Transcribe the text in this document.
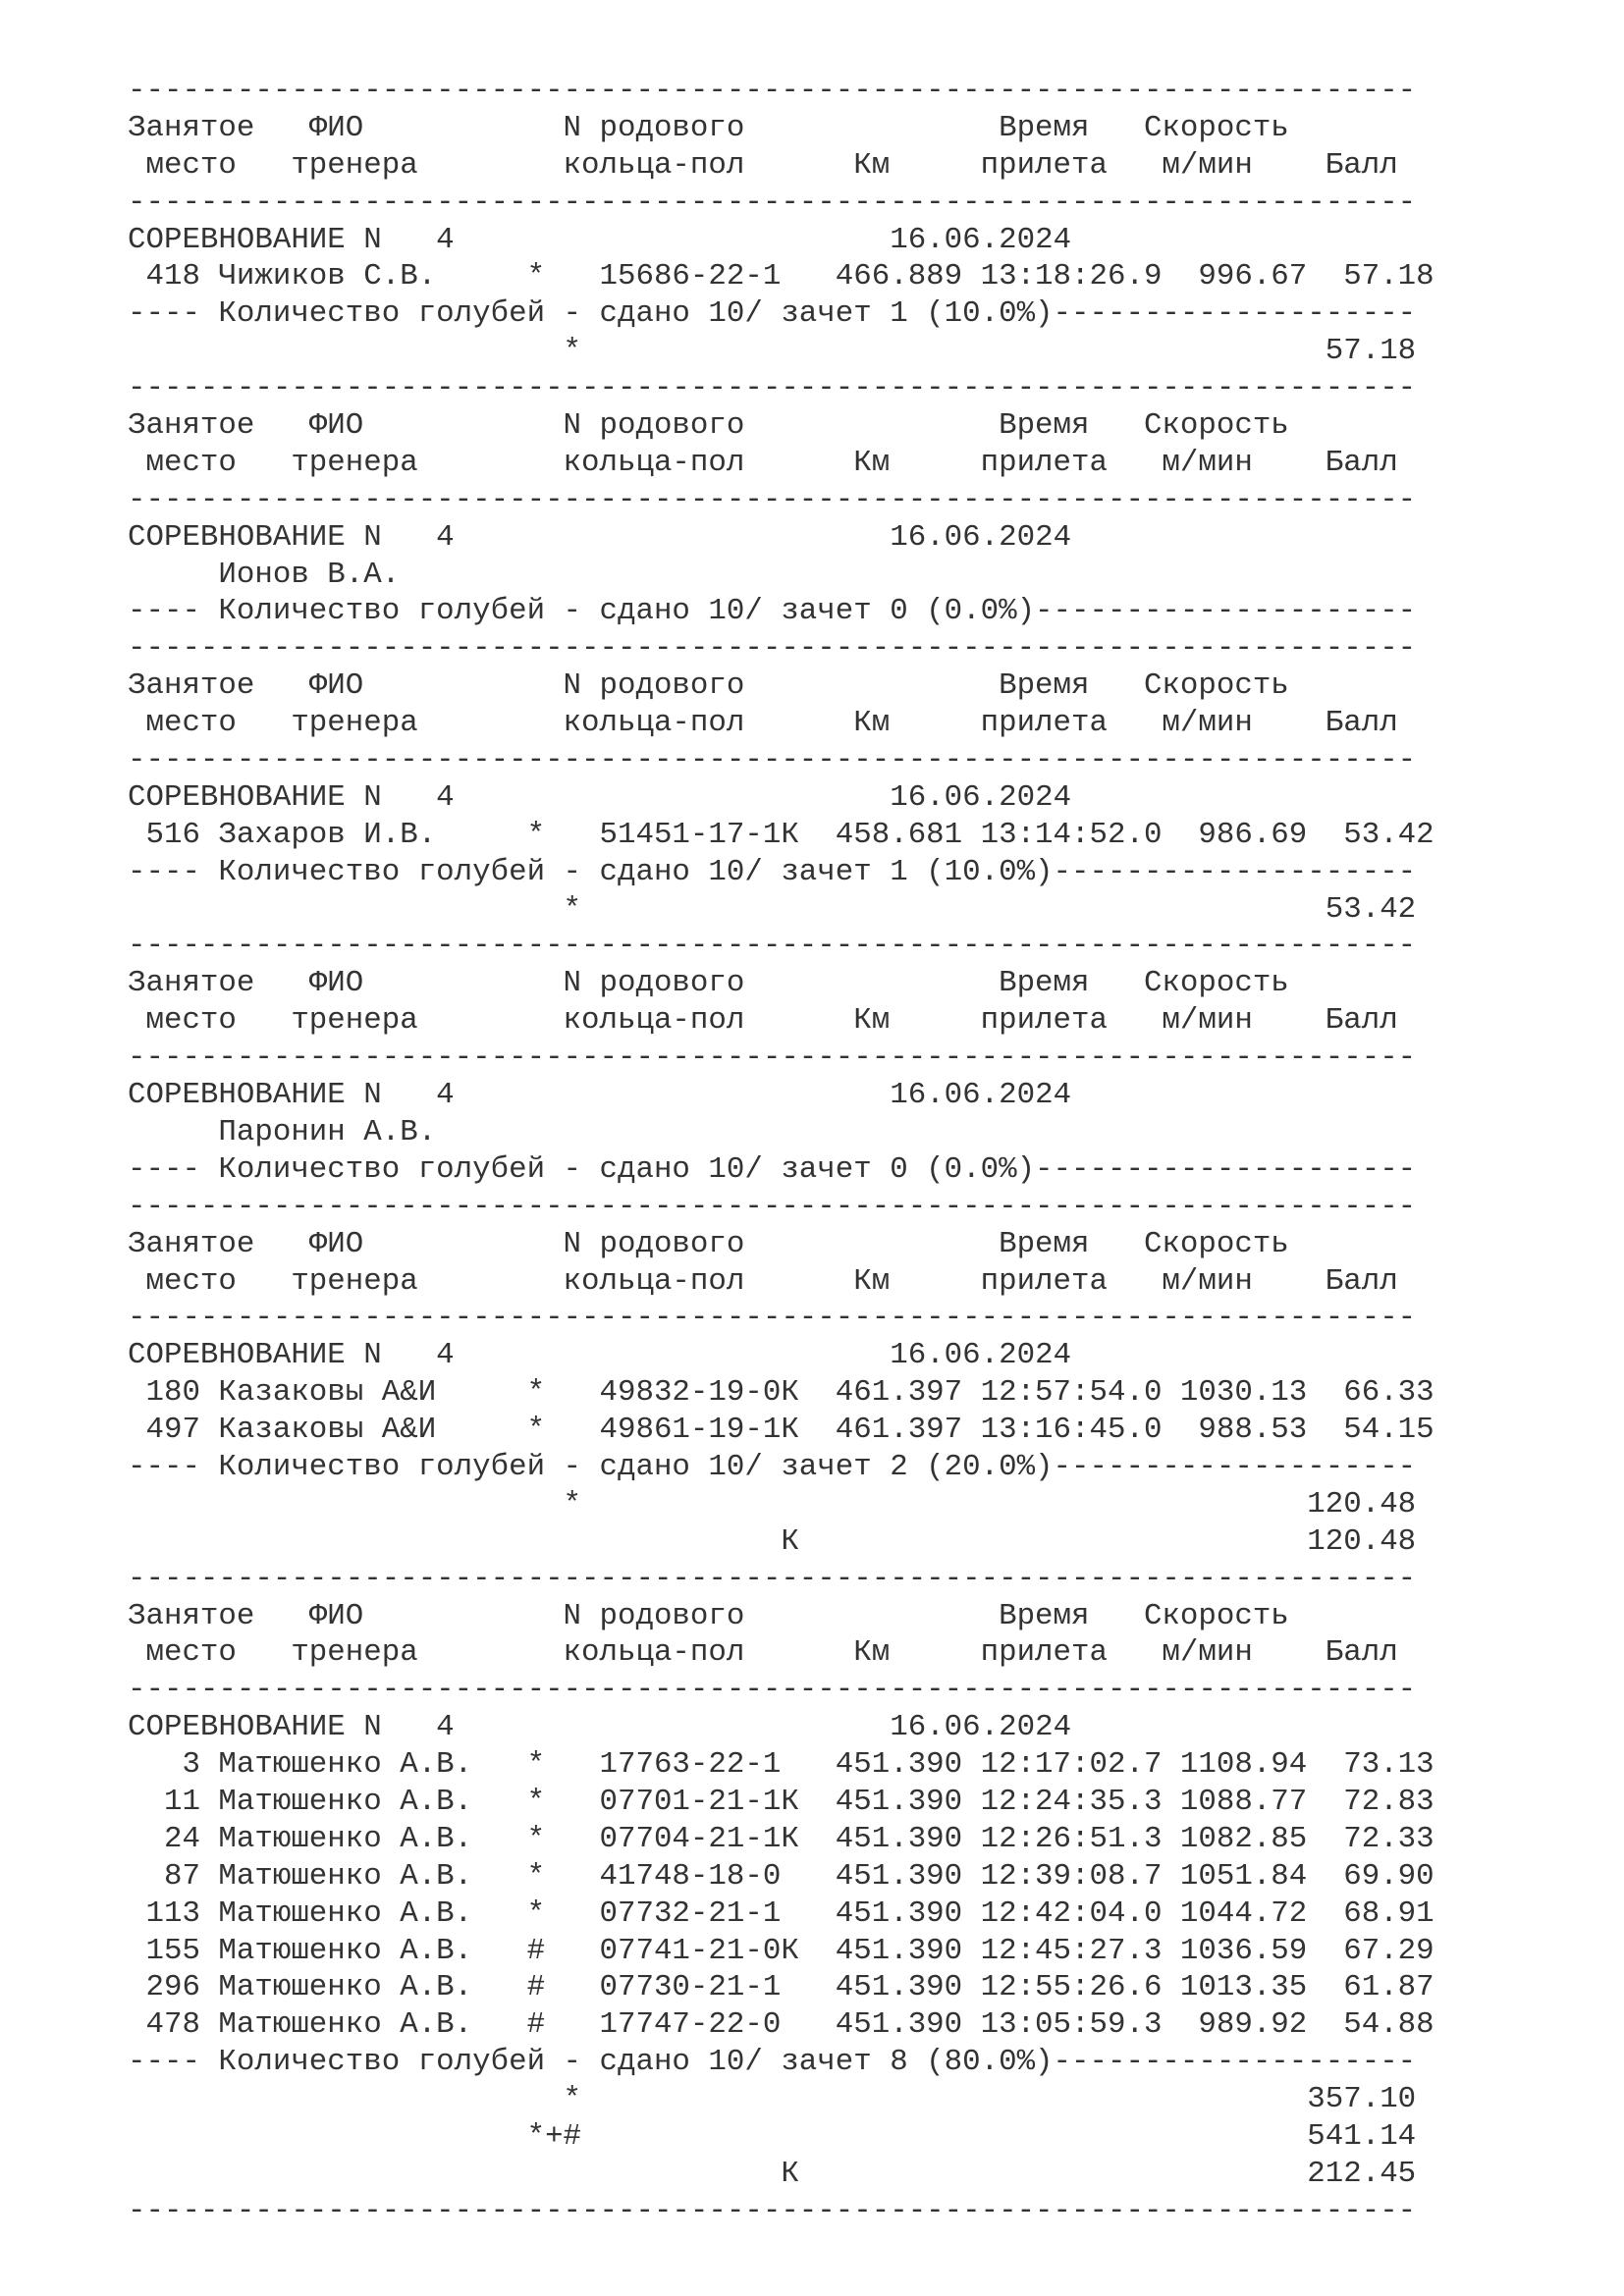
-----------------------------------------------------------------------
Занятое   ФИО           N родового              Время   Скорость
место   тренера        кольца-пол      Км     прилета   м/мин    Балл
-----------------------------------------------------------------------
СОРЕВНОВАНИЕ N   4	16.06.2024
418 Чижиков С.В.     *   15686-22-1   466.889 13:18:26.9  996.67  57.18
---- Количество голубей - сдано 10/ зачет 1 (10.0%)--------------------
*                                         57.18
-----------------------------------------------------------------------
Занятое   ФИО           N родового              Время   Скорость
место   тренера        кольца-пол      Км     прилета   м/мин    Балл
-----------------------------------------------------------------------
СОРЕВНОВАНИЕ N   4	16.06.2024
Ионов В.А.
---- Количество голубей - сдано 10/ зачет 0 (0.0%)---------------------
-----------------------------------------------------------------------
Занятое   ФИО           N родового              Время   Скорость
место   тренера        кольца-пол      Км     прилета   м/мин    Балл
-----------------------------------------------------------------------
СОРЕВНОВАНИЕ N   4	16.06.2024
516 Захаров И.В.     *   51451-17-1К  458.681 13:14:52.0  986.69  53.42
---- Количество голубей - сдано 10/ зачет 1 (10.0%)--------------------
*                                         53.42
-----------------------------------------------------------------------
Занятое   ФИО           N родового              Время   Скорость
место   тренера        кольца-пол      Км     прилета   м/мин    Балл
-----------------------------------------------------------------------
СОРЕВНОВАНИЕ N   4	16.06.2024
Паронин А.В.
---- Количество голубей - сдано 10/ зачет 0 (0.0%)---------------------
-----------------------------------------------------------------------
Занятое   ФИО           N родового              Время   Скорость
место   тренера        кольца-пол      Км     прилета   м/мин    Балл
-----------------------------------------------------------------------
СОРЕВНОВАНИЕ N   4	16.06.2024
180 Казаковы А&И     *   49832-19-0К  461.397 12:57:54.0 1030.13  66.33
497 Казаковы А&И     *   49861-19-1К  461.397 13:16:45.0  988.53  54.15
---- Количество голубей - сдано 10/ зачет 2 (20.0%)--------------------
*                                        120.48
К                            120.48
-----------------------------------------------------------------------
Занятое   ФИО           N родового              Время   Скорость
место   тренера        кольца-пол      Км     прилета   м/мин    Балл
-----------------------------------------------------------------------
СОРЕВНОВАНИЕ N   4	16.06.2024
3 Матюшенко А.В.   *   17763-22-1   451.390 12:17:02.7 1108.94  73.13
11 Матюшенко А.В.   *   07701-21-1К  451.390 12:24:35.3 1088.77  72.83
24 Матюшенко А.В.   *   07704-21-1К  451.390 12:26:51.3 1082.85  72.33
87 Матюшенко А.В.   *   41748-18-0   451.390 12:39:08.7 1051.84  69.90
113 Матюшенко А.В.   *   07732-21-1   451.390 12:42:04.0 1044.72  68.91
155 Матюшенко А.В.   #   07741-21-0К  451.390 12:45:27.3 1036.59  67.29
296 Матюшенко А.В.   #   07730-21-1   451.390 12:55:26.6 1013.35  61.87
478 Матюшенко А.В.   #   17747-22-0   451.390 13:05:59.3  989.92  54.88
---- Количество голубей - сдано 10/ зачет 8 (80.0%)--------------------
*                                        357.10
*+#                                        541.14
К                            212.45
-----------------------------------------------------------------------
